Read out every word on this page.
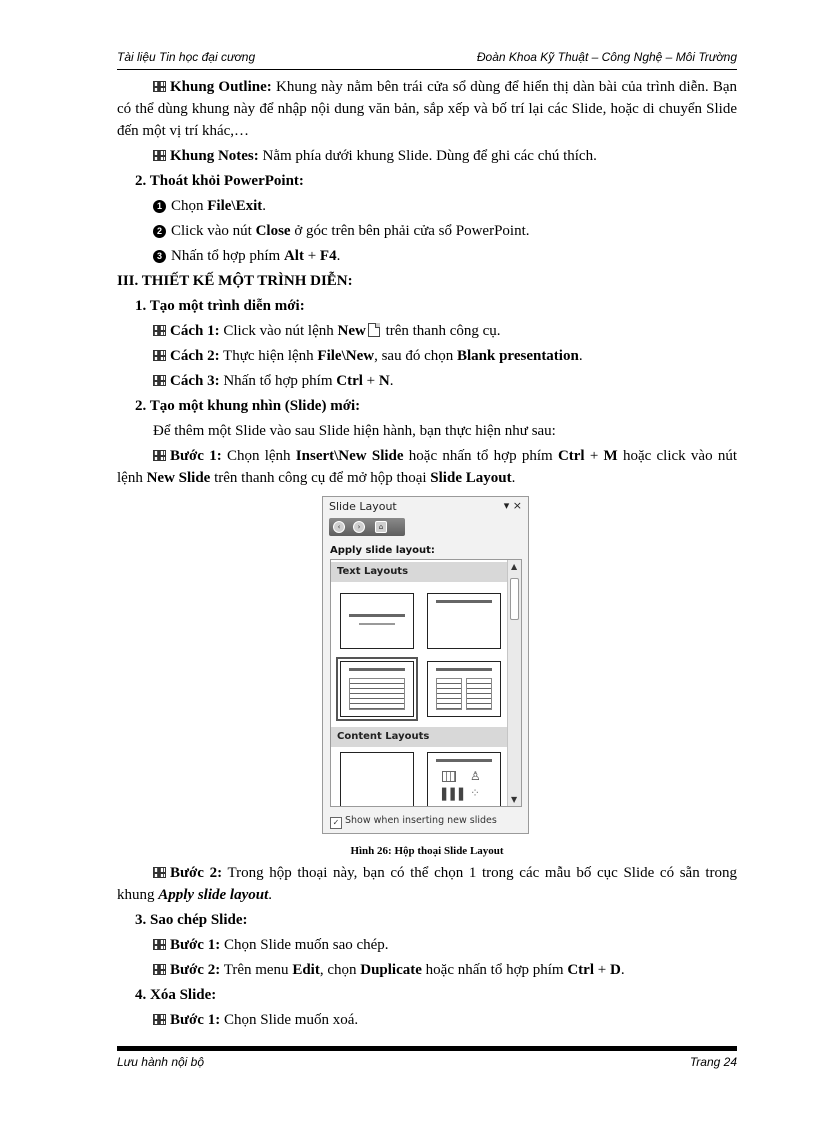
Tài liệu Tin học đại cương	Đoàn Khoa Kỹ Thuật – Công Nghệ – Môi Trường

Khung Outline: Khung này nằm bên trái cửa sổ dùng để hiển thị dàn bài của trình diễn. Bạn có thể dùng khung này để nhập nội dung văn bản, sắp xếp và bố trí lại các Slide, hoặc di chuyển Slide đến một vị trí khác,…

Khung Notes: Nằm phía dưới khung Slide. Dùng để ghi các chú thích.

2. Thoát khỏi PowerPoint:

1 Chọn File\Exit.

2 Click vào nút Close ở góc trên bên phải cửa sổ PowerPoint.

3 Nhấn tổ hợp phím Alt + F4.

III. THIẾT KẾ MỘT TRÌNH DIỄN:

1. Tạo một trình diễn mới:

Cách 1: Click vào nút lệnh New trên thanh công cụ.

Cách 2: Thực hiện lệnh File\New, sau đó chọn Blank presentation.

Cách 3: Nhấn tổ hợp phím Ctrl + N.

2. Tạo một khung nhìn (Slide) mới:

Để thêm một Slide vào sau Slide hiện hành, bạn thực hiện như sau:

Bước 1: Chọn lệnh Insert\New Slide hoặc nhấn tổ hợp phím Ctrl + M hoặc click vào nút lệnh New Slide trên thanh công cụ để mở hộp thoại Slide Layout.

Slide Layout	▾ ×
‹	›	⌂
Apply slide layout:
Text Layouts
Content Layouts
♙
▌▌▌ ⁘
▲
▼
✓ Show when inserting new slides
Hình 26: Hộp thoại Slide Layout

Bước 2: Trong hộp thoại này, bạn có thể chọn 1 trong các mẫu bố cục Slide có sẵn trong khung Apply slide layout.

3. Sao chép Slide:

Bước 1: Chọn Slide muốn sao chép.

Bước 2: Trên menu Edit, chọn Duplicate hoặc nhấn tổ hợp phím Ctrl + D.

4. Xóa Slide:

Bước 1: Chọn Slide muốn xoá.

Lưu hành nội bộ	Trang 24
